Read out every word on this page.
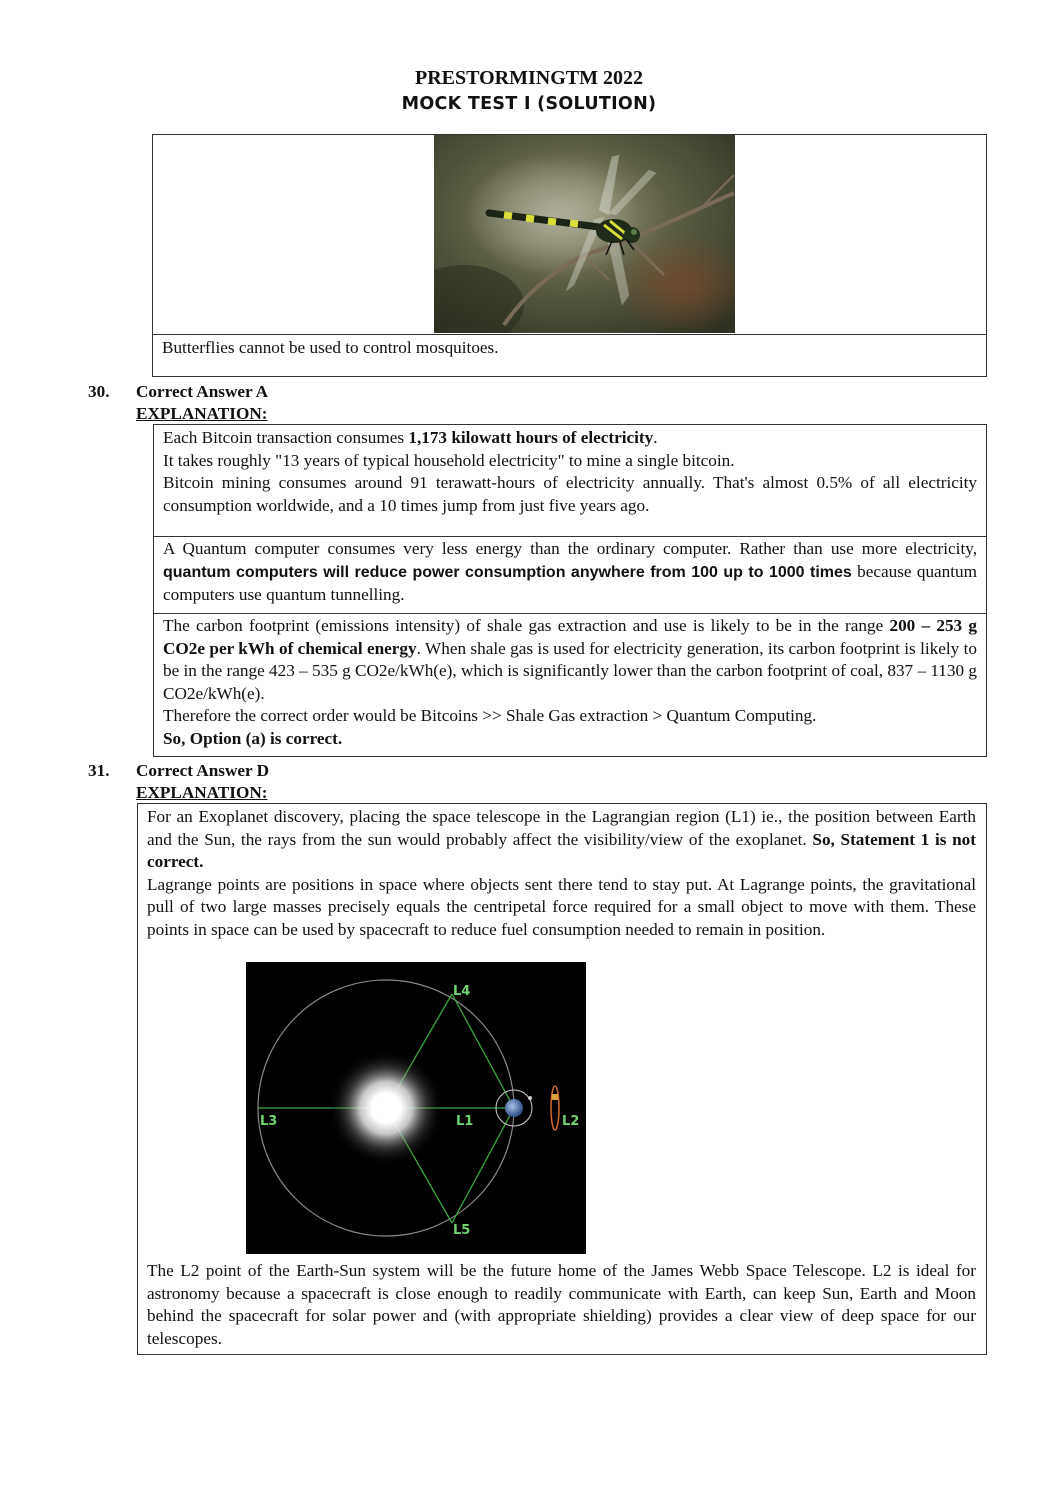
PRESTORMINGTM 2022
MOCK TEST I (SOLUTION)
Butterflies cannot be used to control mosquitoes.
30. Correct Answer A
EXPLANATION:
Each Bitcoin transaction consumes 1,173 kilowatt hours of electricity.
It takes roughly "13 years of typical household electricity" to mine a single bitcoin.
Bitcoin mining consumes around 91 terawatt-hours of electricity annually. That's almost 0.5% of all electricity consumption worldwide, and a 10 times jump from just five years ago.
A Quantum computer consumes very less energy than the ordinary computer. Rather than use more electricity, quantum computers will reduce power consumption anywhere from 100 up to 1000 times because quantum computers use quantum tunnelling.
The carbon footprint (emissions intensity) of shale gas extraction and use is likely to be in the range 200 – 253 g CO2e per kWh of chemical energy. When shale gas is used for electricity generation, its carbon footprint is likely to be in the range 423 – 535 g CO2e/kWh(e), which is significantly lower than the carbon footprint of coal, 837 – 1130 g CO2e/kWh(e).
Therefore the correct order would be Bitcoins >> Shale Gas extraction > Quantum Computing.
So, Option (a) is correct.
31. Correct Answer D
EXPLANATION:
For an Exoplanet discovery, placing the space telescope in the Lagrangian region (L1) ie., the position between Earth and the Sun, the rays from the sun would probably affect the visibility/view of the exoplanet. So, Statement 1 is not correct.
Lagrange points are positions in space where objects sent there tend to stay put. At Lagrange points, the gravitational pull of two large masses precisely equals the centripetal force required for a small object to move with them. These points in space can be used by spacecraft to reduce fuel consumption needed to remain in position.
L4
L3	L1	L2
L5
The L2 point of the Earth-Sun system will be the future home of the James Webb Space Telescope. L2 is ideal for astronomy because a spacecraft is close enough to readily communicate with Earth, can keep Sun, Earth and Moon behind the spacecraft for solar power and (with appropriate shielding) provides a clear view of deep space for our telescopes.
